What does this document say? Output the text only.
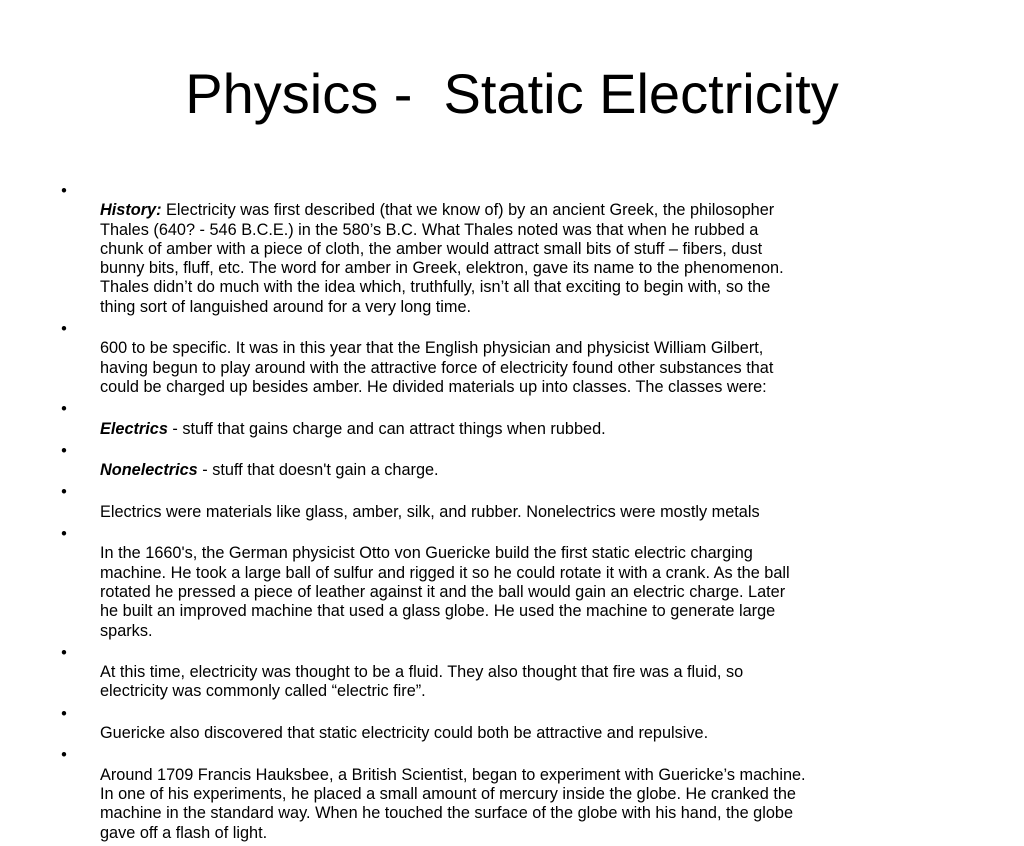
Physics -  Static Electricity

•
History: Electricity was first described (that we know of) by an ancient Greek, the philosopher
Thales (640? - 546 B.C.E.) in the 580’s B.C. What Thales noted was that when he rubbed a
chunk of amber with a piece of cloth, the amber would attract small bits of stuff – fibers, dust
bunny bits, fluff, etc. The word for amber in Greek, elektron, gave its name to the phenomenon.
Thales didn’t do much with the idea which, truthfully, isn’t all that exciting to begin with, so the
thing sort of languished around for a very long time.

•
600 to be specific. It was in this year that the English physician and physicist William Gilbert,
having begun to play around with the attractive force of electricity found other substances that
could be charged up besides amber. He divided materials up into classes. The classes were:

•
Electrics - stuff that gains charge and can attract things when rubbed.

•
Nonelectrics - stuff that doesn't gain a charge.

•
Electrics were materials like glass, amber, silk, and rubber. Nonelectrics were mostly metals

•
In the 1660's, the German physicist Otto von Guericke build the first static electric charging
machine. He took a large ball of sulfur and rigged it so he could rotate it with a crank. As the ball
rotated he pressed a piece of leather against it and the ball would gain an electric charge. Later
he built an improved machine that used a glass globe. He used the machine to generate large
sparks.

•
At this time, electricity was thought to be a fluid. They also thought that fire was a fluid, so
electricity was commonly called “electric fire”.

•
Guericke also discovered that static electricity could both be attractive and repulsive.

•
Around 1709 Francis Hauksbee, a British Scientist, began to experiment with Guericke’s machine.
In one of his experiments, he placed a small amount of mercury inside the globe. He cranked the
machine in the standard way. When he touched the surface of the globe with his hand, the globe
gave off a flash of light.
